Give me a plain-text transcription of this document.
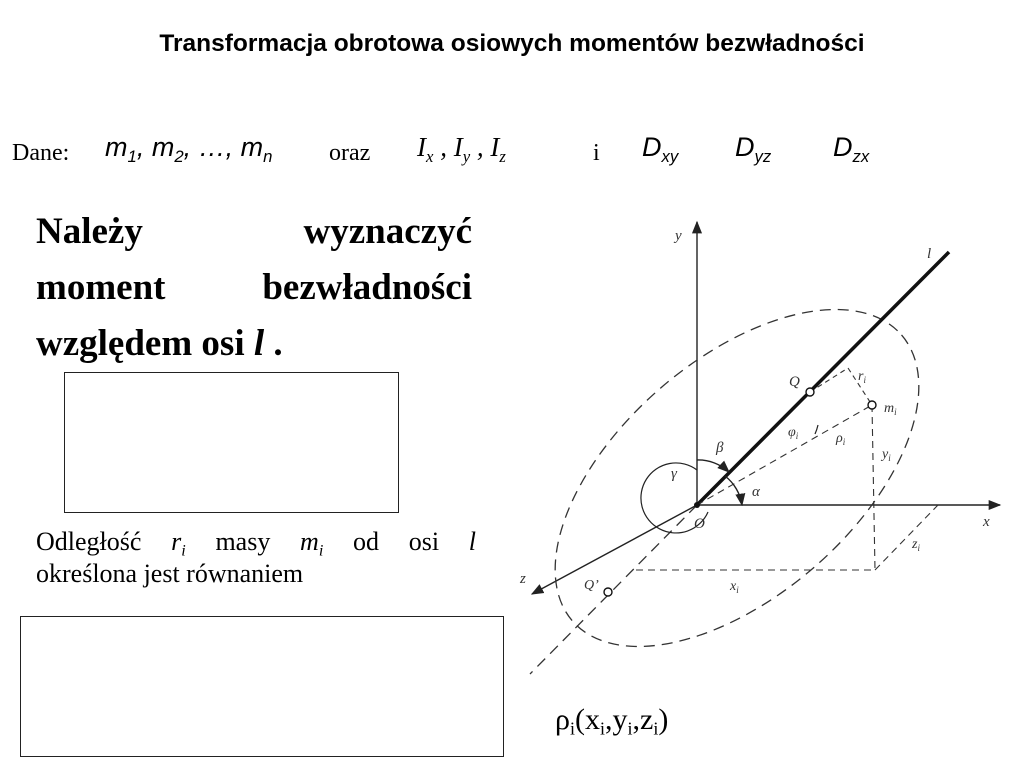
Transformacja obrotowa osiowych momentów bezwładności
Dane: $m_1$, $m_2$, …, $m_n$ oraz $I_x$ , $I_y$ , $I_z$	i $D_{xy}$ $D_{yz}$ $D_{zx}$
Należy	wyznaczyć
moment	bezwładności
względem osi l .
Odległość $r_i$ masy $m_i$ od osi l
określona jest równaniem
y
x
z
O
l
Q
Q’
$r_i$
$m_i$
$\varphi_i$	$\rho_i$
$y_i$
$x_i$
$z_i$
α
β
γ
$\rho_i(x_i,y_i,z_i)$
